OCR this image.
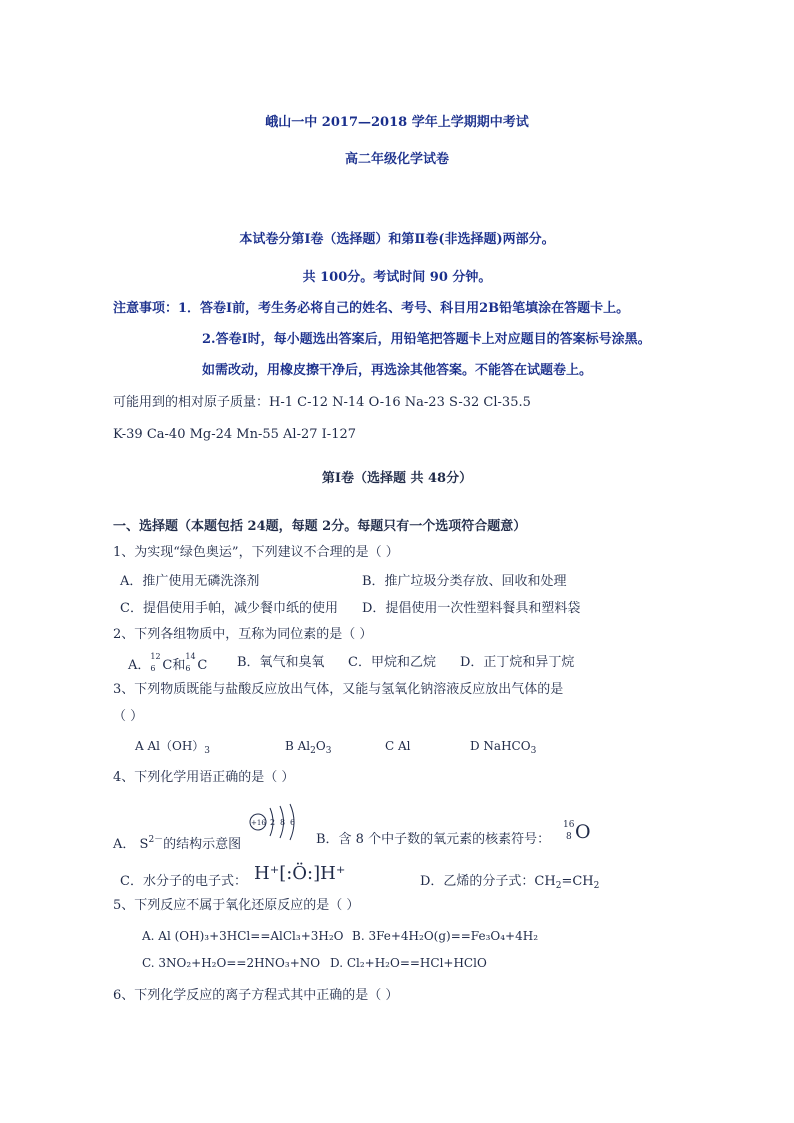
峨山一中 2017—2018 学年上学期期中考试
高二年级化学试卷
本试卷分第Ⅰ卷（选择题）和第Ⅱ卷(非选择题)两部分。
共 100分。考试时间 90 分钟。
注意事项：1．答卷Ⅰ前，考生务必将自己的姓名、考号、科目用2B铅笔填涂在答题卡上。
2.答卷Ⅰ时，每小题选出答案后，用铅笔把答题卡上对应题目的答案标号涂黑。
如需改动，用橡皮擦干净后，再选涂其他答案。不能答在试题卷上。
可能用到的相对原子质量：H-1 C-12 N-14 O-16 Na-23 S-32 Cl-35.5
K-39 Ca-40 Mg-24 Mn-55 Al-27 I-127
第Ⅰ卷（选择题 共 48分）
一、选择题（本题包括 24题，每题 2分。每题只有一个选项符合题意）
1、为实现“绿色奥运”，下列建议不合理的是（ ）
A．推广使用无磷洗涤剂	B．推广垃圾分类存放、回收和处理
C．提倡使用手帕，减少餐巾纸的使用 D．提倡使用一次性塑料餐具和塑料袋
2、下列各组物质中，互称为同位素的是（ ）
A．
12
6 C和
14
6 C B．氧气和臭氧 C．甲烷和乙烷 D．正丁烷和异丁烷
3、下列物质既能与盐酸反应放出气体，又能与氢氧化钠溶液反应放出气体的是
（ ）
A $Al(OH)_3$	B $Al_2O_3$	C Al	D NaHCO$_3$
4、下列化学用语正确的是（ ）
+16 2 8 6
A． $S^{2-}$的结构示意图	B．含 8 个中子数的氧元素的核素符号：
16
8 O
C．水分子的电子式： H⁺[:Ö:]H⁺	D．乙烯的分子式：$CH_2=CH_2$
5、下列反应不属于氧化还原反应的是（ ）
A. Al (OH)₃+3HCl==AlCl₃+3H₂O B. 3Fe+4H₂O(g)==Fe₃O₄+4H₂
C. 3NO₂+H₂O==2HNO₃+NO D. Cl₂+H₂O==HCl+HClO
6、下列化学反应的离子方程式其中正确的是（ ）
